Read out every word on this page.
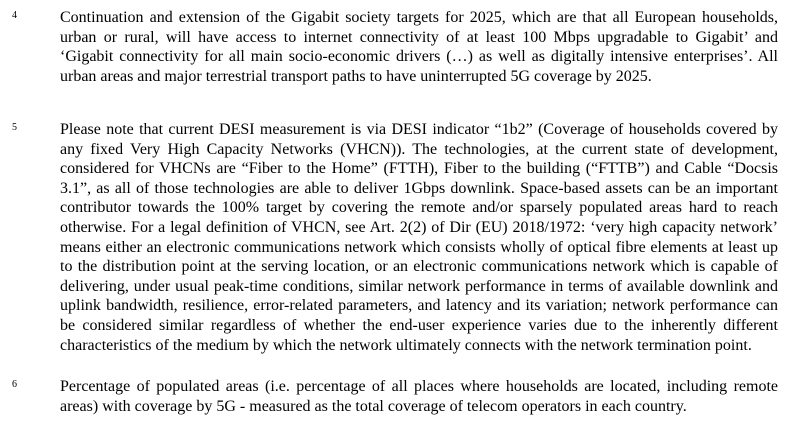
4	Continuation and extension of the Gigabit society targets for 2025, which are that all European households, urban or rural, will have access to internet connectivity of at least 100 Mbps upgradable to Gigabit’ and ‘Gigabit connectivity for all main socio-economic drivers (…) as well as digitally intensive enterprises’. All urban areas and major terrestrial transport paths to have uninterrupted 5G coverage by 2025.

5	Please note that current DESI measurement is via DESI indicator “1b2” (Coverage of households covered by any fixed Very High Capacity Networks (VHCN)). The technologies, at the current state of development, considered for VHCNs are “Fiber to the Home” (FTTH), Fiber to the building (“FTTB”) and Cable “Docsis 3.1”, as all of those technologies are able to deliver 1Gbps downlink. Space-based assets can be an important contributor towards the 100% target by covering the remote and/or sparsely populated areas hard to reach otherwise. For a legal definition of VHCN, see Art. 2(2) of Dir (EU) 2018/1972: ‘very high capacity network’ means either an electronic communications network which consists wholly of optical fibre elements at least up to the distribution point at the serving location, or an electronic communications network which is capable of delivering, under usual peak-time conditions, similar network performance in terms of available downlink and uplink bandwidth, resilience, error-related parameters, and latency and its variation; network performance can be considered similar regardless of whether the end-user experience varies due to the inherently different characteristics of the medium by which the network ultimately connects with the network termination point.

6	Percentage of populated areas (i.e. percentage of all places where households are located, including remote areas) with coverage by 5G - measured as the total coverage of telecom operators in each country.
